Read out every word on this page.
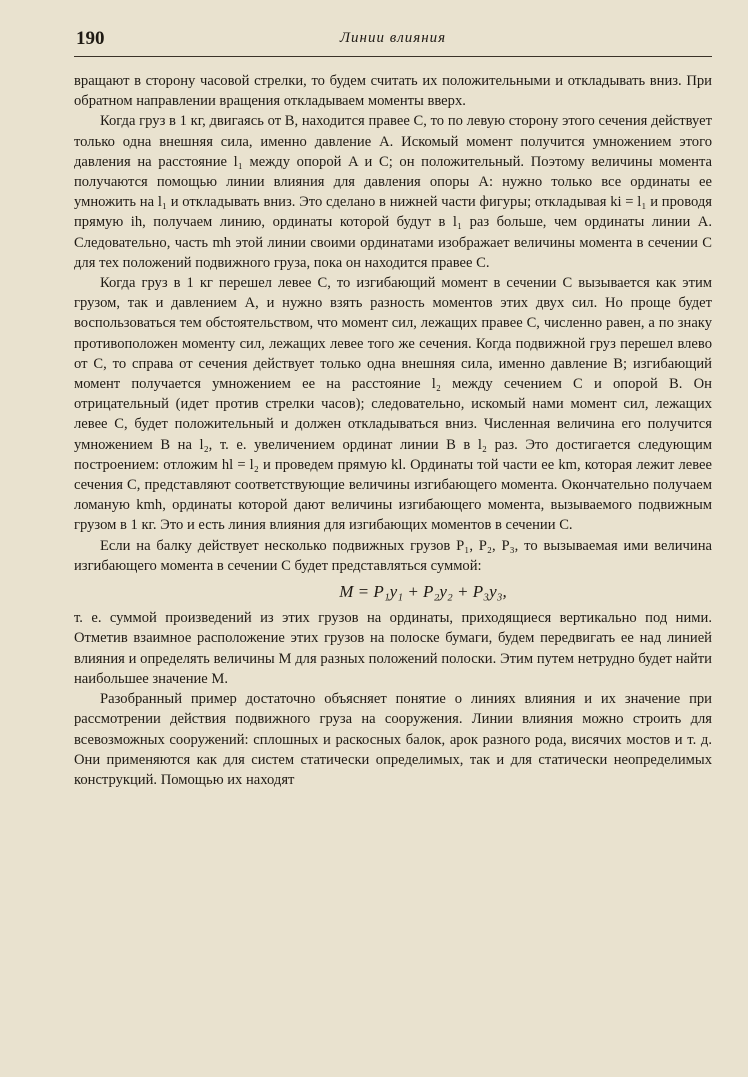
190	Линии влияния

вращают в сторону часовой стрелки, то будем считать их положительными и откладывать вниз. При обратном направлении вращения откладываем моменты вверх.

Когда груз в 1 кг, двигаясь от B, находится правее C, то по левую сторону этого сечения действует только одна внешняя сила, именно давление A. Искомый момент получится умножением этого давления на расстояние l₁ между опорой A и C; он положительный. Поэтому величины момента получаются помощью линии влияния для давления опоры A: нужно только все ординаты ее умножить на l₁ и откладывать вниз. Это сделано в нижней части фигуры; откладывая ki = l₁ и проводя прямую ih, получаем линию, ординаты которой будут в l₁ раз больше, чем ординаты линии A. Следовательно, часть mh этой линии своими ординатами изображает величины момента в сечении C для тех положений подвижного груза, пока он находится правее C.

Когда груз в 1 кг перешел левее C, то изгибающий момент в сечении C вызывается как этим грузом, так и давлением A, и нужно взять разность моментов этих двух сил. Но проще будет воспользоваться тем обстоятельством, что момент сил, лежащих правее C, численно равен, а по знаку противоположен моменту сил, лежащих левее того же сечения. Когда подвижной груз перешел влево от C, то справа от сечения действует только одна внешняя сила, именно давление B; изгибающий момент получается умножением ее на расстояние l₂ между сечением C и опорой B. Он отрицательный (идет против стрелки часов); следовательно, искомый нами момент сил, лежащих левее C, будет положительный и должен откладываться вниз. Численная величина его получится умножением B на l₂, т. е. увеличением ординат линии B в l₂ раз. Это достигается следующим построением: отложим hl = l₂ и проведем прямую kl. Ординаты той части ее km, которая лежит левее сечения C, представляют соответствующие величины изгибающего момента. Окончательно получаем ломаную kmh, ординаты которой дают величины изгибающего момента, вызываемого подвижным грузом в 1 кг. Это и есть линия влияния для изгибающих моментов в сечении C.

Если на балку действует несколько подвижных грузов P₁, P₂, P₃, то вызываемая ими величина изгибающего момента в сечении C будет представляться суммой:

M = P₁y₁ + P₂y₂ + P₃y₃,

т. е. суммой произведений из этих грузов на ординаты, приходящиеся вертикально под ними. Отметив взаимное расположение этих грузов на полоске бумаги, будем передвигать ее над линией влияния и определять величины M для разных положений полоски. Этим путем нетрудно будет найти наибольшее значение M.

Разобранный пример достаточно объясняет понятие о линиях влияния и их значение при рассмотрении действия подвижного груза на сооружения. Линии влияния можно строить для всевозможных сооружений: сплошных и раскосных балок, арок разного рода, висячих мостов и т. д. Они применяются как для систем статически определимых, так и для статически неопределимых конструкций. Помощью их находят
